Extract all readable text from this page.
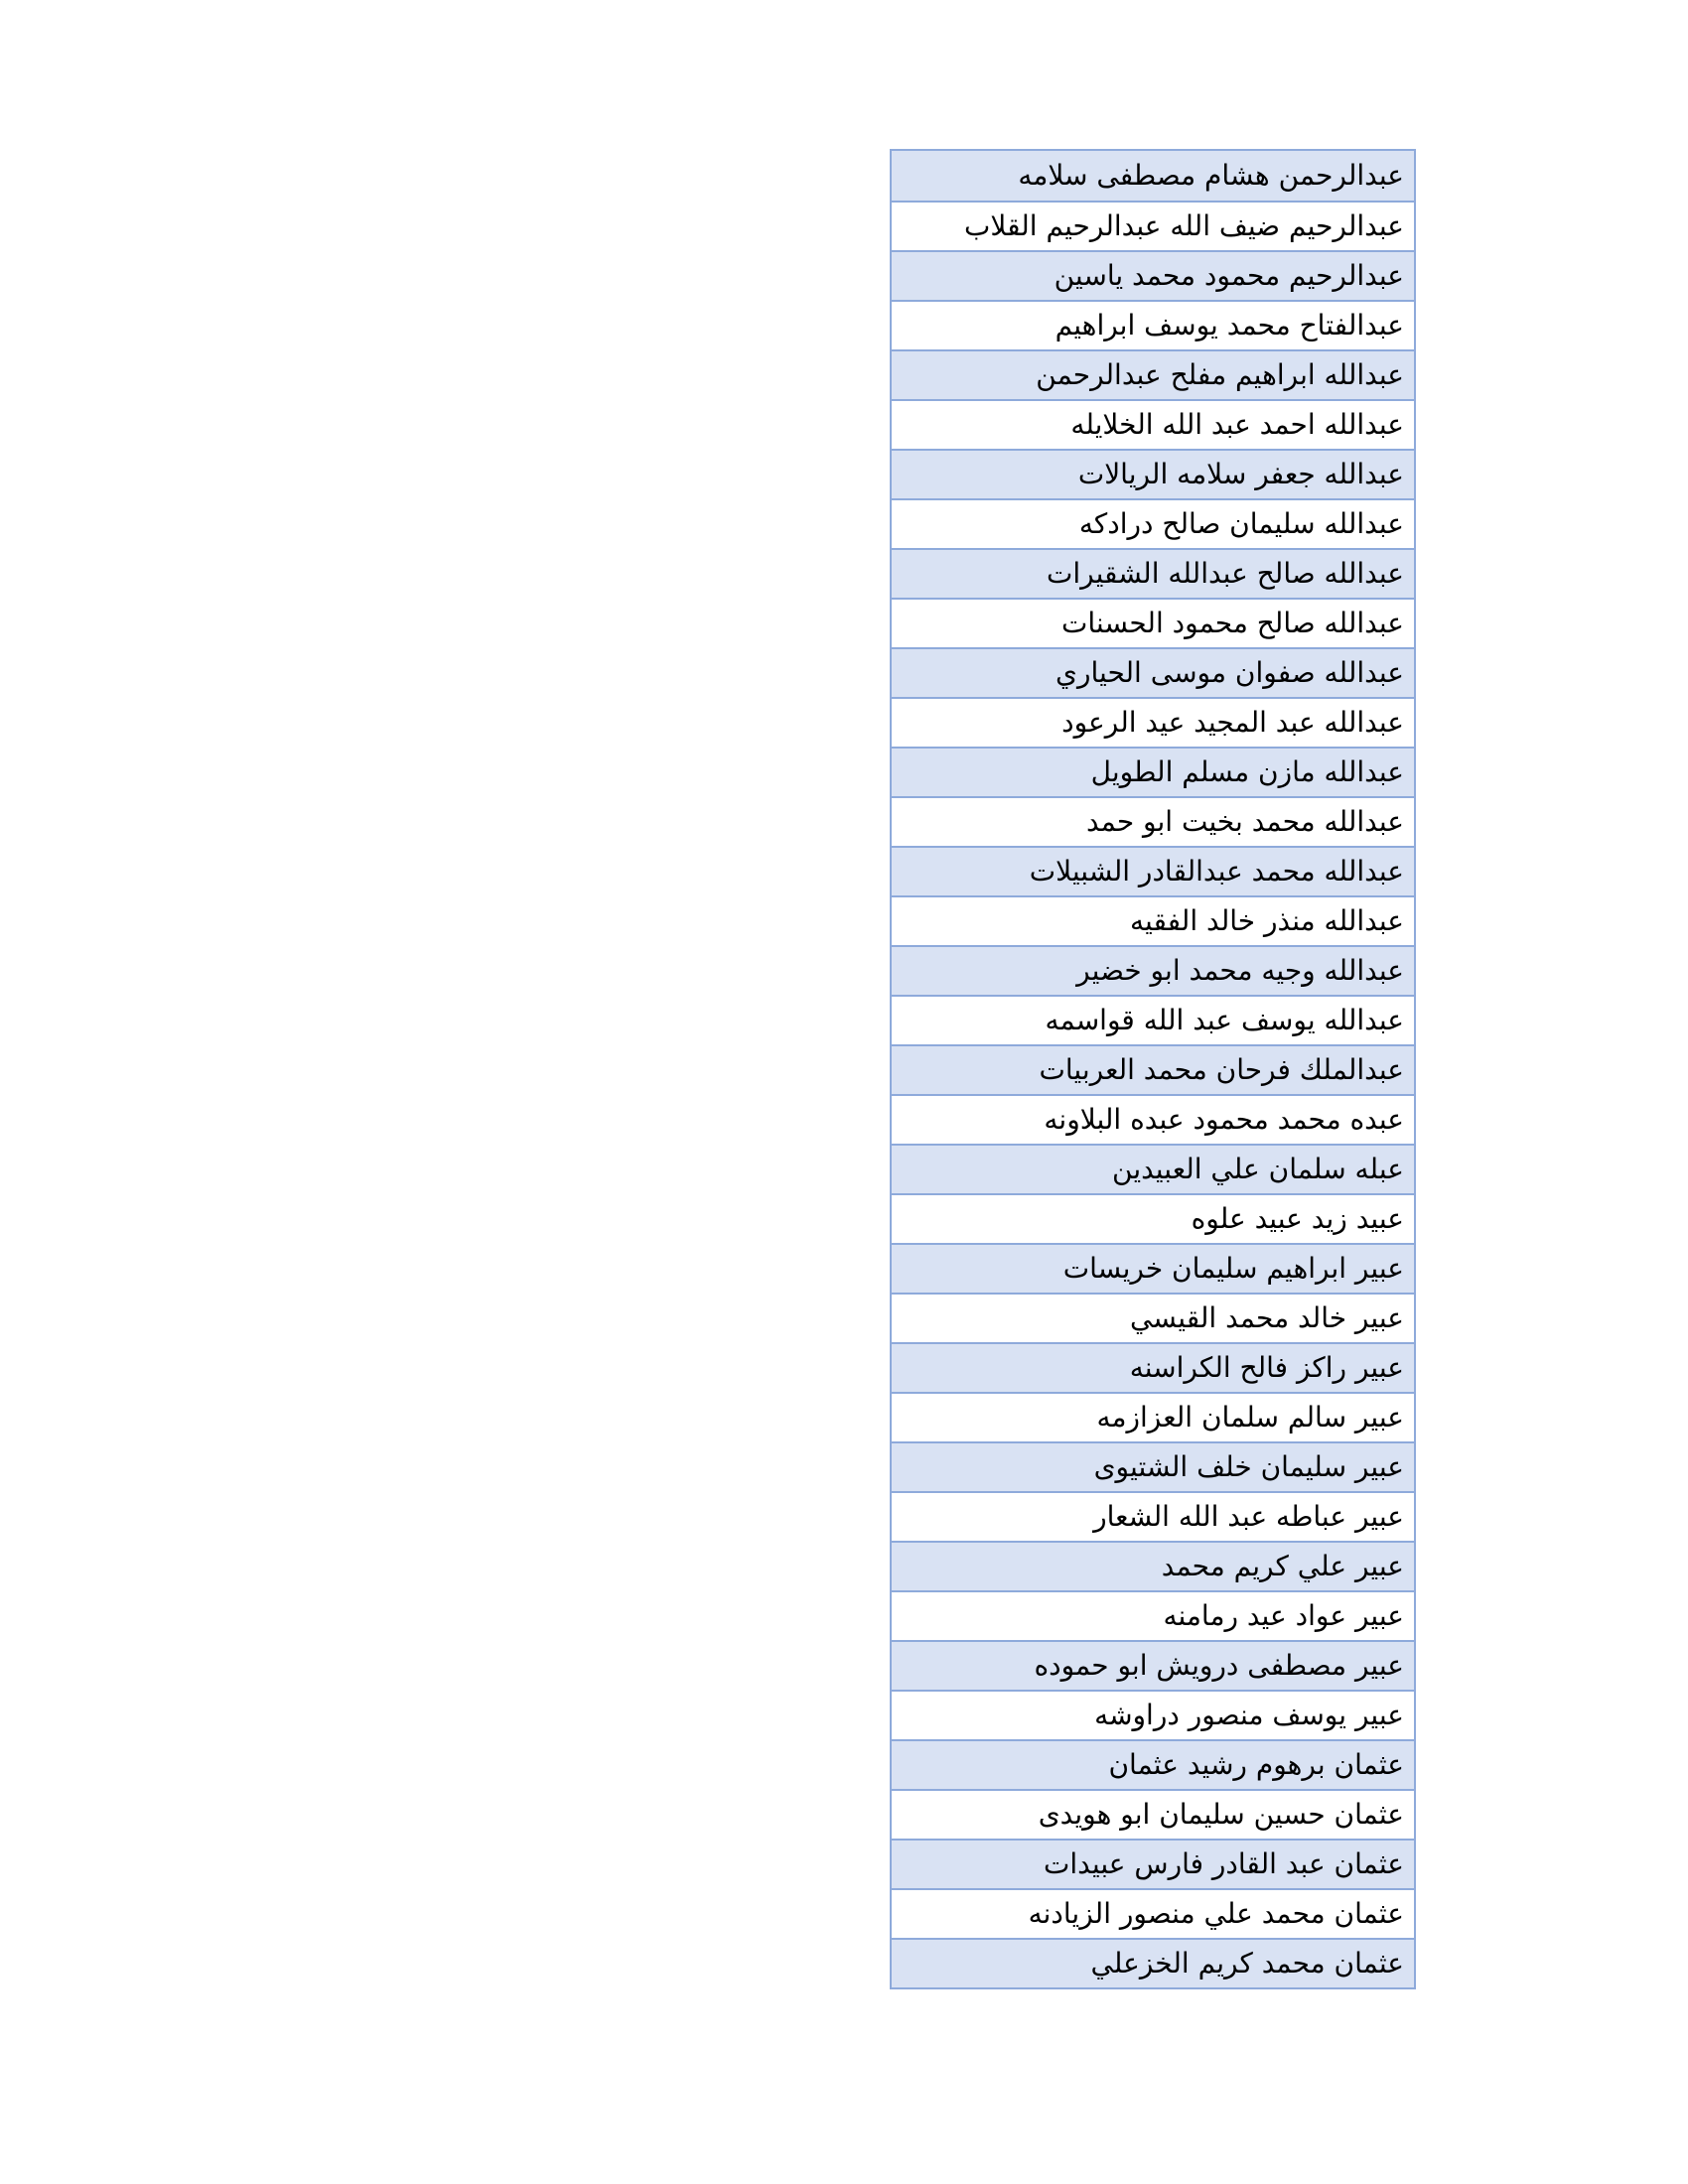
عبدالرحمن هشام مصطفى سلامه
عبدالرحيم ضيف الله عبدالرحيم القلاب
عبدالرحيم محمود محمد ياسين
عبدالفتاح محمد يوسف ابراهيم
عبدالله ابراهيم مفلح عبدالرحمن
عبدالله احمد عبد الله الخلايله
عبدالله جعفر سلامه الريالات
عبدالله سليمان صالح درادكه
عبدالله صالح عبدالله الشقيرات
عبدالله صالح محمود الحسنات
عبدالله صفوان موسى الحياري
عبدالله عبد المجيد عيد الرعود
عبدالله مازن مسلم الطويل
عبدالله محمد بخيت ابو حمد
عبدالله محمد عبدالقادر الشبيلات
عبدالله منذر خالد الفقيه
عبدالله وجيه محمد ابو خضير
عبدالله يوسف عبد الله قواسمه
عبدالملك فرحان محمد العربيات
عبده محمد محمود عبده البلاونه
عبله سلمان علي العبيدين
عبيد زيد عبيد علوه
عبير ابراهيم سليمان خريسات
عبير خالد محمد القيسي
عبير راكز فالح الكراسنه
عبير سالم سلمان العزازمه
عبير سليمان خلف الشتيوى
عبير عباطه عبد الله الشعار
عبير علي كريم محمد
عبير عواد عيد رمامنه
عبير مصطفى درويش ابو حموده
عبير يوسف منصور دراوشه
عثمان برهوم رشيد عثمان
عثمان حسين سليمان ابو هويدى
عثمان عبد القادر فارس عبيدات
عثمان محمد علي منصور الزيادنه
عثمان محمد كريم الخزعلي
